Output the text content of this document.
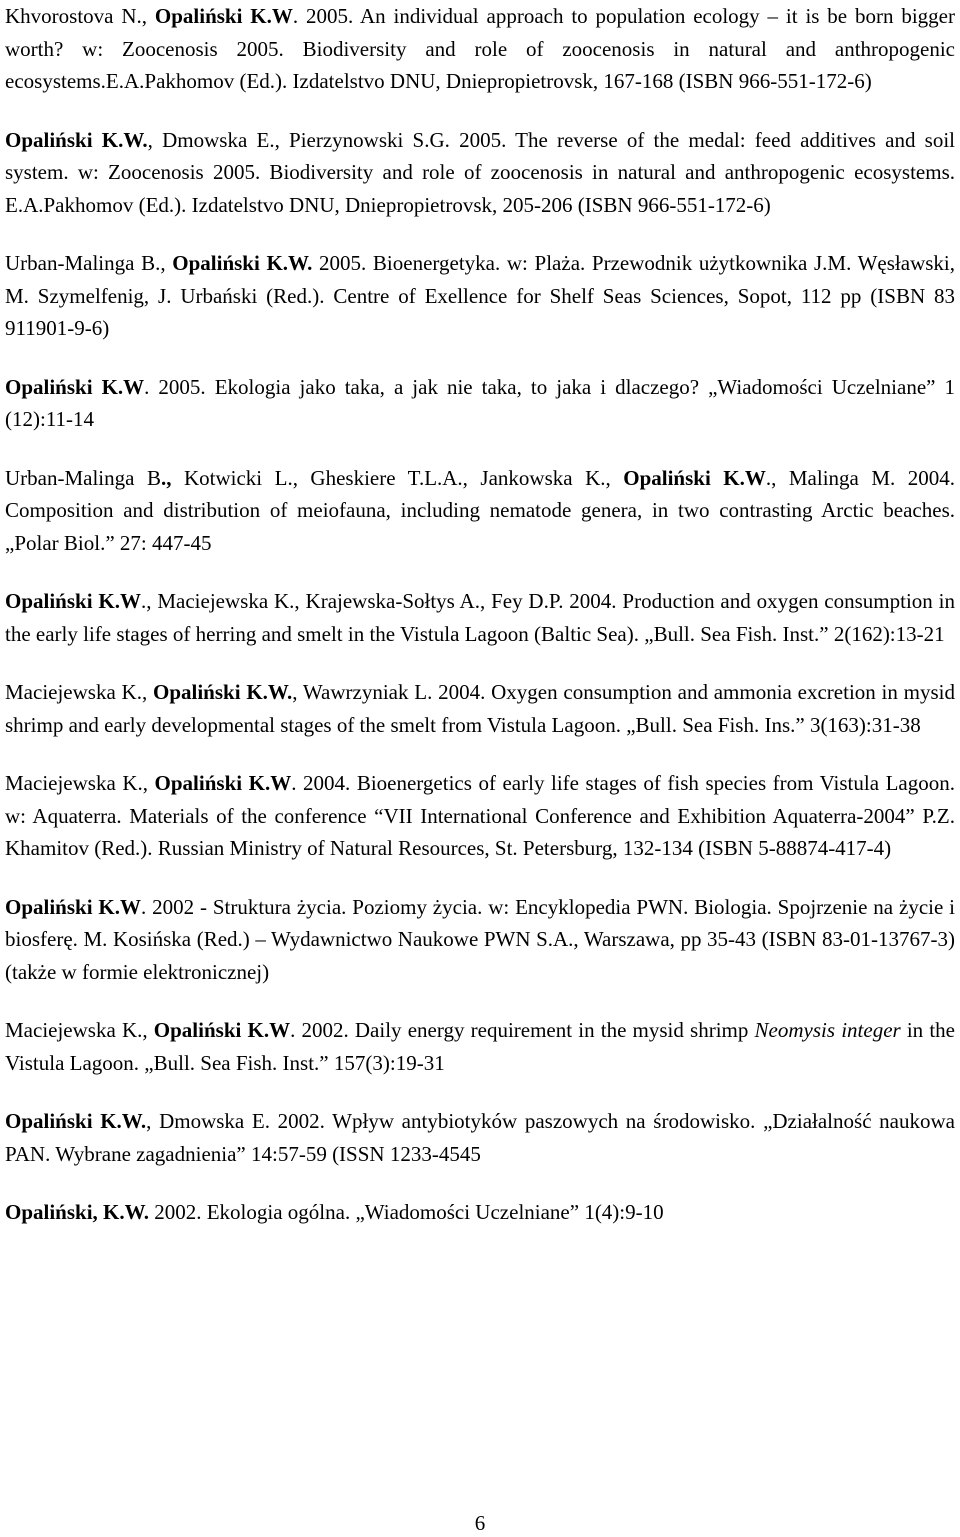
Khvorostova N., Opaliński K.W. 2005. An individual approach to population ecology – it is be born bigger worth? w: Zoocenosis 2005. Biodiversity and role of zoocenosis in natural and anthropogenic ecosystems.E.A.Pakhomov (Ed.). Izdatelstvo DNU, Dniepropietrovsk, 167-168 (ISBN 966-551-172-6)

Opaliński K.W., Dmowska E., Pierzynowski S.G. 2005. The reverse of the medal: feed additives and soil system. w: Zoocenosis 2005. Biodiversity and role of zoocenosis in natural and anthropogenic ecosystems. E.A.Pakhomov (Ed.). Izdatelstvo DNU, Dniepropietrovsk, 205-206 (ISBN 966-551-172-6)

Urban-Malinga B., Opaliński K.W. 2005. Bioenergetyka. w: Plaża. Przewodnik użytkownika J.M. Węsławski, M. Szymelfenig, J. Urbański (Red.). Centre of Exellence for Shelf Seas Sciences, Sopot, 112 pp (ISBN 83 911901-9-6)

Opaliński K.W. 2005. Ekologia jako taka, a jak nie taka, to jaka i dlaczego? „Wiadomości Uczelniane” 1 (12):11-14

Urban-Malinga B., Kotwicki L., Gheskiere T.L.A., Jankowska K., Opaliński K.W., Malinga M. 2004. Composition and distribution of meiofauna, including nematode genera, in two contrasting Arctic beaches. „Polar Biol.” 27: 447-45

Opaliński K.W., Maciejewska K., Krajewska-Sołtys A., Fey D.P. 2004. Production and oxygen consumption in the early life stages of herring and smelt in the Vistula Lagoon (Baltic Sea). „Bull. Sea Fish. Inst.” 2(162):13-21

Maciejewska K., Opaliński K.W., Wawrzyniak L. 2004. Oxygen consumption and ammonia excretion in mysid shrimp and early developmental stages of the smelt from Vistula Lagoon. „Bull. Sea Fish. Ins.” 3(163):31-38

Maciejewska K., Opaliński K.W. 2004. Bioenergetics of early life stages of fish species from Vistula Lagoon. w: Aquaterra. Materials of the conference “VII International Conference and Exhibition Aquaterra-2004” P.Z. Khamitov (Red.). Russian Ministry of Natural Resources, St. Petersburg, 132-134 (ISBN 5-88874-417-4)

Opaliński K.W. 2002 - Struktura życia. Poziomy życia. w: Encyklopedia PWN. Biologia. Spojrzenie na życie i biosferę. M. Kosińska (Red.) – Wydawnictwo Naukowe PWN S.A., Warszawa, pp 35-43 (ISBN 83-01-13767-3) (także w formie elektronicznej)

Maciejewska K., Opaliński K.W. 2002. Daily energy requirement in the mysid shrimp Neomysis integer in the Vistula Lagoon. „Bull. Sea Fish. Inst.” 157(3):19-31

Opaliński K.W., Dmowska E. 2002. Wpływ antybiotyków paszowych na środowisko. „Działalność naukowa PAN. Wybrane zagadnienia” 14:57-59 (ISSN 1233-4545

Opaliński, K.W. 2002. Ekologia ogólna. „Wiadomości Uczelniane” 1(4):9-10

6
